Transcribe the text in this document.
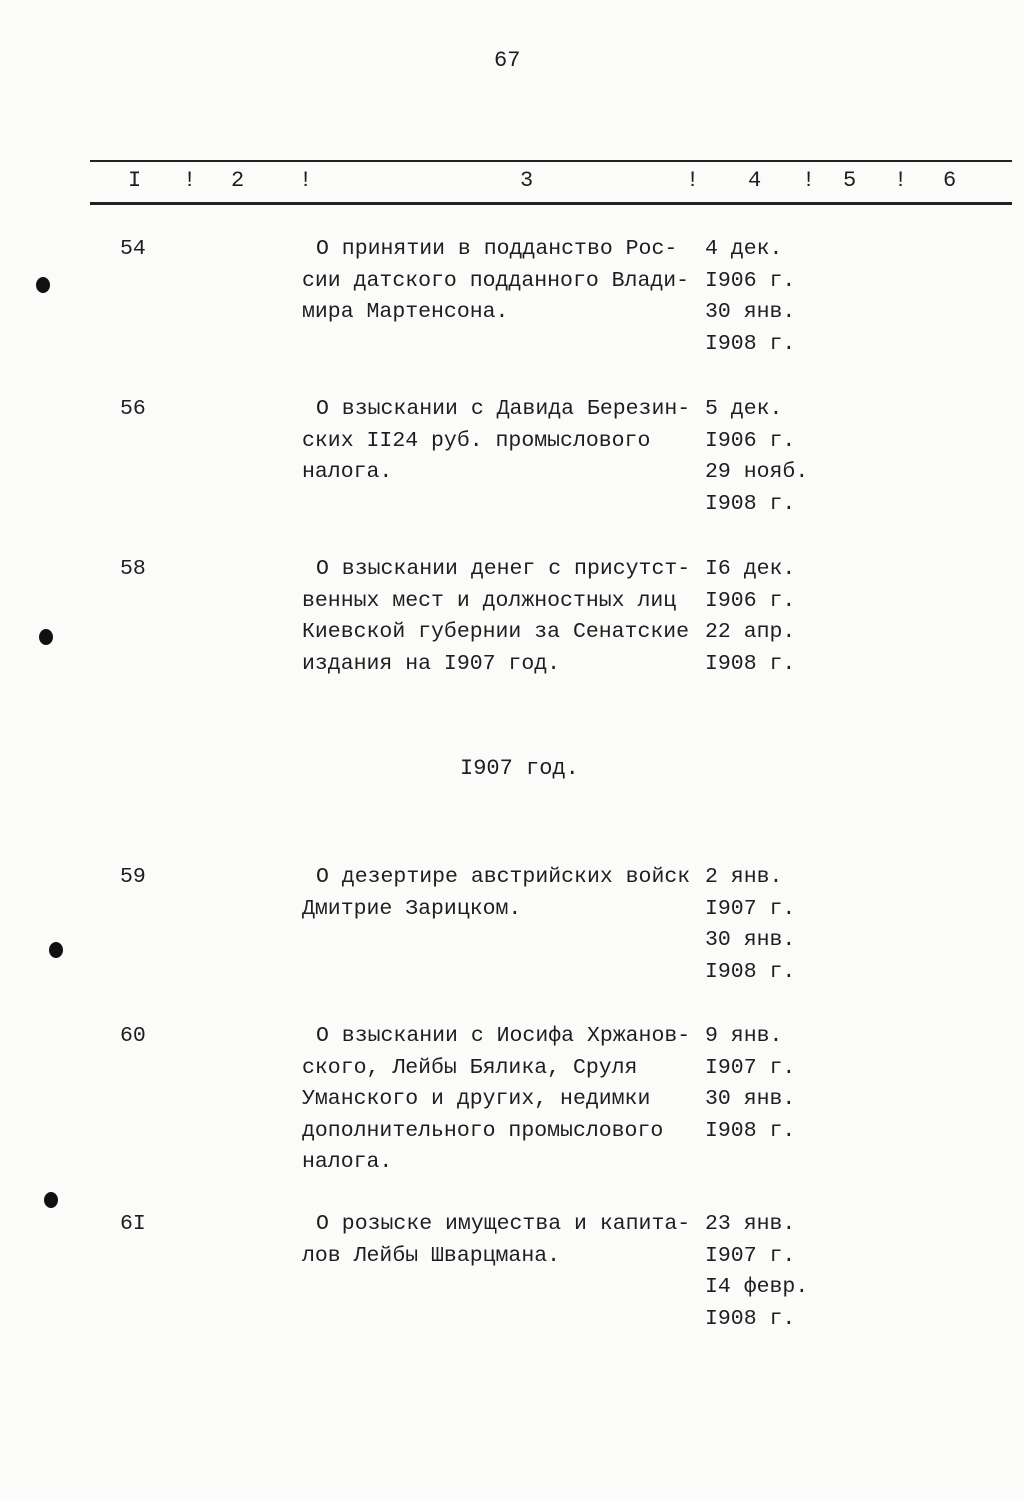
67
I ! 2 !	3	! 4 ! 5 ! 6
54	О принятии в подданство Рос-
сии датского подданного Влади-
мира Мартенсона.
4 дек.
I906 г.
30 янв.
I908 г.
56	О взыскании с Давида Березин-
ских II24 руб. промыслового
налога.
5 дек.
I906 г.
29 нояб.
I908 г.
58	О взыскании денег с присутст-
венных мест и должностных лиц
Киевской губернии за Сенатские
издания на I907 год.
I6 дек.
I906 г.
22 апр.
I908 г.
I907 год.
59	О дезертире австрийских войск
Дмитрие Зарицком.
2 янв.
I907 г.
30 янв.
I908 г.
60	О взыскании с Иосифа Хржанов-
ского, Лейбы Бялика, Сруля
Уманского и других, недимки
дополнительного промыслового
налога.
9 янв.
I907 г.
30 янв.
I908 г.
6I	О розыске имущества и капита-
лов Лейбы Шварцмана.
23 янв.
I907 г.
I4 февр.
I908 г.
